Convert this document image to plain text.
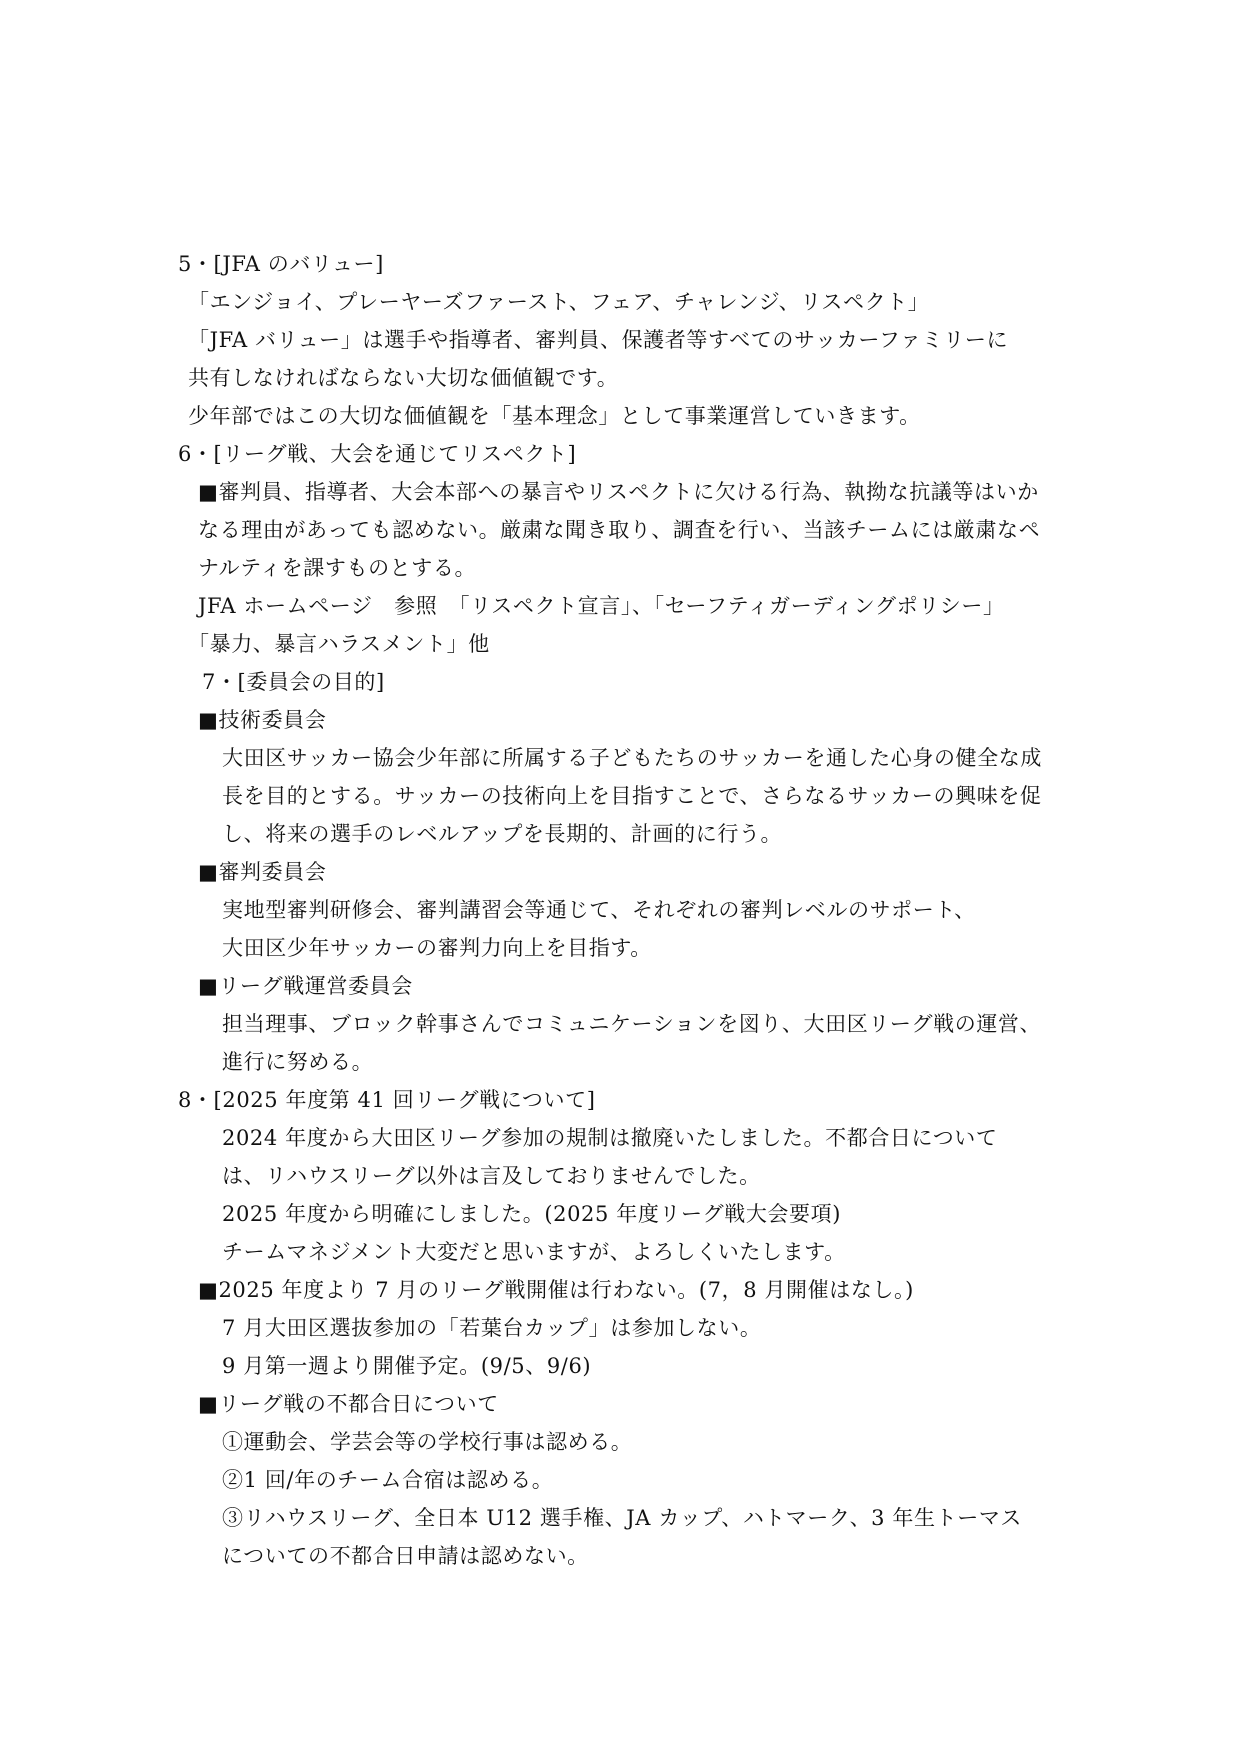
5・[JFA のバリュー]
「エンジョイ、プレーヤーズファースト、フェア、チャレンジ、リスペクト」
「JFA バリュー」は選手や指導者、審判員、保護者等すべてのサッカーファミリーに
共有しなければならない大切な価値観です。
少年部ではこの大切な価値観を「基本理念」として事業運営していきます。
6・[リーグ戦、大会を通じてリスペクト]
■審判員、指導者、大会本部への暴言やリスペクトに欠ける行為、執拗な抗議等はいか
なる理由があっても認めない。厳粛な聞き取り、調査を行い、当該チームには厳粛なペ
ナルティを課すものとする。
JFA ホームページ　参照　「リスペクト宣言」、「セーフティガーディングポリシー」
「暴力、暴言ハラスメント」他
7・[委員会の目的]
■技術委員会
大田区サッカー協会少年部に所属する子どもたちのサッカーを通した心身の健全な成
長を目的とする。サッカーの技術向上を目指すことで、さらなるサッカーの興味を促
し、将来の選手のレベルアップを長期的、計画的に行う。
■審判委員会
実地型審判研修会、審判講習会等通じて、それぞれの審判レベルのサポート、
大田区少年サッカーの審判力向上を目指す。
■リーグ戦運営委員会
担当理事、ブロック幹事さんでコミュニケーションを図り、大田区リーグ戦の運営、
進行に努める。
8・[2025 年度第 41 回リーグ戦について]
2024 年度から大田区リーグ参加の規制は撤廃いたしました。不都合日について
は、リハウスリーグ以外は言及しておりませんでした。
2025 年度から明確にしました。(2025 年度リーグ戦大会要項)
チームマネジメント大変だと思いますが、よろしくいたします。
■2025 年度より 7 月のリーグ戦開催は行わない。(7，8 月開催はなし。)
7 月大田区選抜参加の「若葉台カップ」は参加しない。
9 月第一週より開催予定。(9/5、9/6)
■リーグ戦の不都合日について
①運動会、学芸会等の学校行事は認める。
②1 回/年のチーム合宿は認める。
③リハウスリーグ、全日本 U12 選手権、JA カップ、ハトマーク、3 年生トーマス
についての不都合日申請は認めない。
